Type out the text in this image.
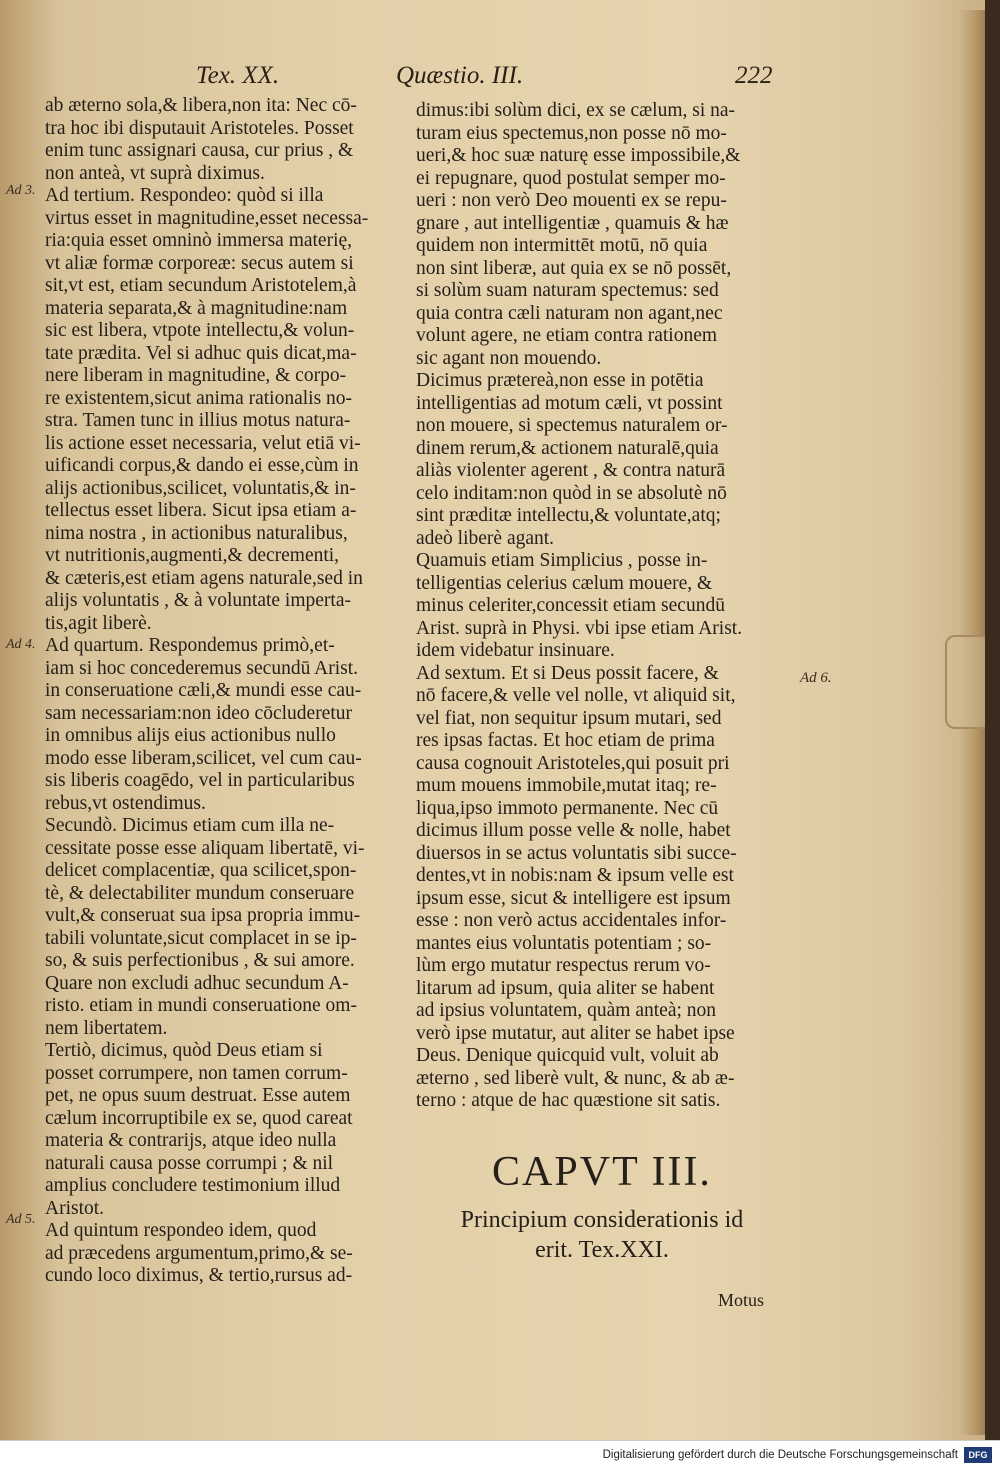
Tex. XX.	Quæstio. III.	222
Ad 3.
Ad 4.
Ad 5.
Ad 6.
ab æterno sola,& libera,non ita: Nec cō-
tra hoc ibi disputauit Aristoteles. Posset
enim tunc assignari causa, cur prius , &
non anteà, vt suprà diximus.
Ad tertium. Respondeo: quòd si illa
virtus esset in magnitudine,esset necessa-
ria:quia esset omninò immersa materię,
vt aliæ formæ corporeæ: secus autem si
sit,vt est, etiam secundum Aristotelem,à
materia separata,& à magnitudine:nam
sic est libera, vtpote intellectu,& volun-
tate prædita. Vel si adhuc quis dicat,ma-
nere liberam in magnitudine, & corpo-
re existentem,sicut anima rationalis no-
stra. Tamen tunc in illius motus natura-
lis actione esset necessaria, velut etiā vi-
uificandi corpus,& dando ei esse,cùm in
alijs actionibus,scilicet, voluntatis,& in-
tellectus esset libera. Sicut ipsa etiam a-
nima nostra , in actionibus naturalibus,
vt nutritionis,augmenti,& decrementi,
& cæteris,est etiam agens naturale,sed in
alijs voluntatis , & à voluntate imperta-
tis,agit liberè.
Ad quartum. Respondemus primò,et-
iam si hoc concederemus secundū Arist.
in conseruatione cæli,& mundi esse cau-
sam necessariam:non ideo cōcluderetur
in omnibus alijs eius actionibus nullo
modo esse liberam,scilicet, vel cum cau-
sis liberis coagēdo, vel in particularibus
rebus,vt ostendimus.
Secundò. Dicimus etiam cum illa ne-
cessitate posse esse aliquam libertatē, vi-
delicet complacentiæ, qua scilicet,spon-
tè, & delectabiliter mundum conseruare
vult,& conseruat sua ipsa propria immu-
tabili voluntate,sicut complacet in se ip-
so, & suis perfectionibus , & sui amore.
Quare non excludi adhuc secundum A-
risto. etiam in mundi conseruatione om-
nem libertatem.
Tertiò, dicimus, quòd Deus etiam si
posset corrumpere, non tamen corrum-
pet, ne opus suum destruat. Esse autem
cælum incorruptibile ex se, quod careat
materia & contrarijs, atque ideo nulla
naturali causa posse corrumpi ; & nil
amplius concludere testimonium illud
Aristot.
Ad quintum respondeo idem, quod
ad præcedens argumentum,primo,& se-
cundo loco diximus, & tertio,rursus ad-
dimus:ibi solùm dici, ex se cælum, si na-
turam eius spectemus,non posse nō mo-
ueri,& hoc suæ naturę esse impossibile,&
ei repugnare, quod postulat semper mo-
ueri : non verò Deo mouenti ex se repu-
gnare , aut intelligentiæ , quamuis & hæ
quidem non intermittēt motū, nō quia
non sint liberæ, aut quia ex se nō possēt,
si solùm suam naturam spectemus: sed
quia contra cæli naturam non agant,nec
volunt agere, ne etiam contra rationem
sic agant non mouendo.
Dicimus prætereà,non esse in potētia
intelligentias ad motum cæli, vt possint
non mouere, si spectemus naturalem or-
dinem rerum,& actionem naturalē,quia
aliàs violenter agerent , & contra naturā
celo inditam:non quòd in se absolutè nō
sint præditæ intellectu,& voluntate,atq;
adeò liberè agant.
Quamuis etiam Simplicius , posse in-
telligentias celerius cælum mouere, &
minus celeriter,concessit etiam secundū
Arist. suprà in Physi. vbi ipse etiam Arist.
idem videbatur insinuare.
Ad sextum. Et si Deus possit facere, &
nō facere,& velle vel nolle, vt aliquid sit,
vel fiat, non sequitur ipsum mutari, sed
res ipsas factas. Et hoc etiam de prima
causa cognouit Aristoteles,qui posuit pri
mum mouens immobile,mutat itaq; re-
liqua,ipso immoto permanente. Nec cū
dicimus illum posse velle & nolle, habet
diuersos in se actus voluntatis sibi succe-
dentes,vt in nobis:nam & ipsum velle est
ipsum esse, sicut & intelligere est ipsum
esse : non verò actus accidentales infor-
mantes eius voluntatis potentiam ; so-
lùm ergo mutatur respectus rerum vo-
litarum ad ipsum, quia aliter se habent
ad ipsius voluntatem, quàm anteà; non
verò ipse mutatur, aut aliter se habet ipse
Deus. Denique quicquid vult, voluit ab
æterno , sed liberè vult, & nunc, & ab æ-
terno : atque de hac quæstione sit satis.
CAPVT III.
Principium considerationis id
erit. Tex.XXI.
Motus
Digitalisierung gefördert durch die Deutsche Forschungsgemeinschaft	DFG
